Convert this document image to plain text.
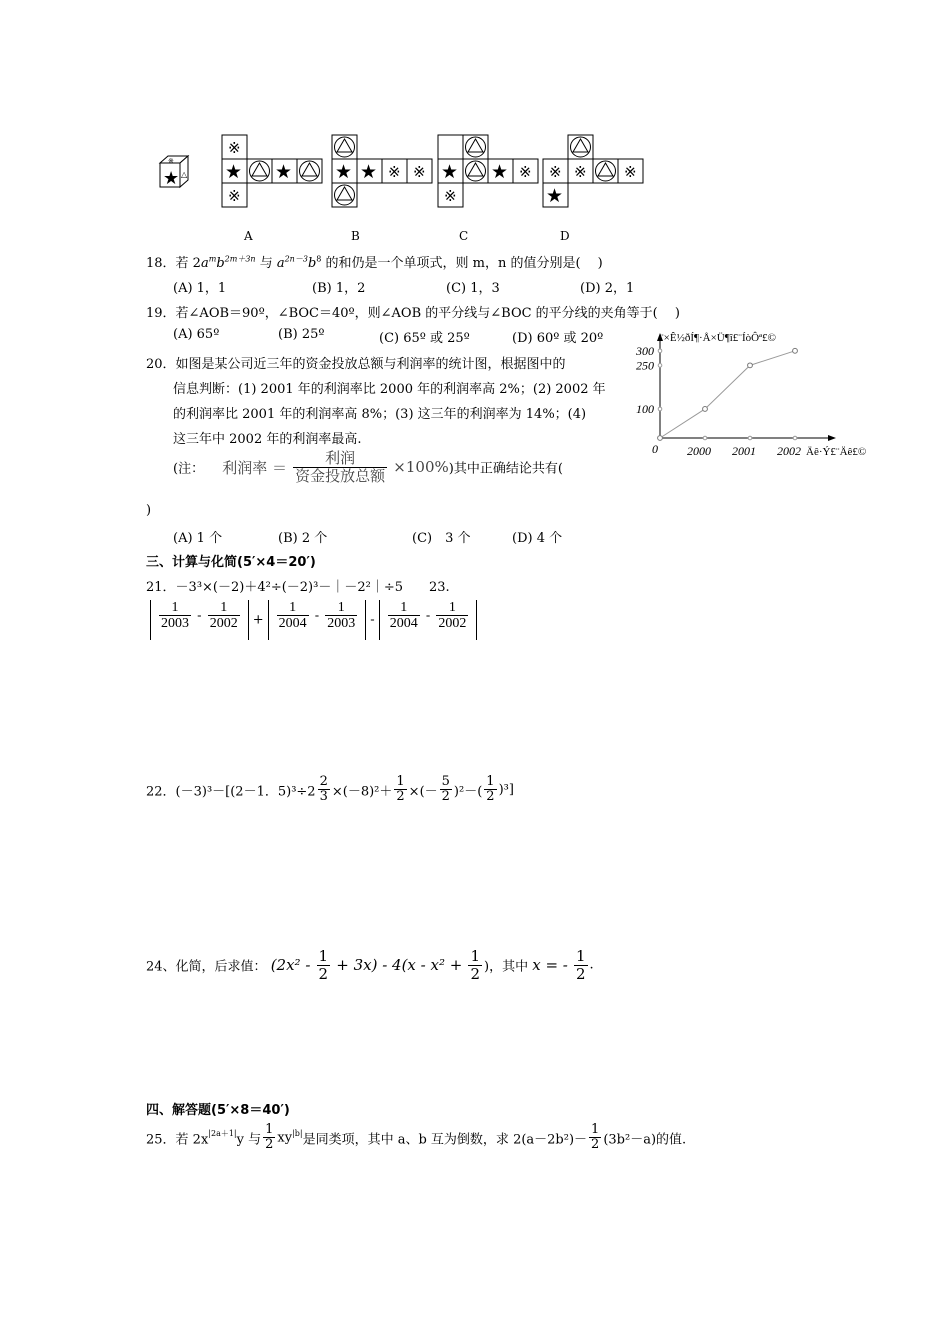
★
※
△
※
★ ★
※
★ ★ ※ ※ ★ ★ ※
※
※ ※ ※
★
A	B	C	D
18．若 $2a^mb^{2m+3n}$ 与 $a^{2n-3}b^8$ 的和仍是一个单项式，则 m，n 的值分别是(　 )
(A) 1，1	(B) 1，2	(C) 1，3	(D) 2，1
19．若∠AOB＝90º，∠BOC＝40º，则∠AOB 的平分线与∠BOC 的平分线的夹角等于(　 )
(A) 65º	(B) 25º	(C) 65º 或 25º	(D) 60º 或 20º
20．如图是某公司近三年的资金投放总额与利润率的统计图，根据图中的
信息判断：(1) 2001 年的利润率比 2000 年的利润率高 2%；(2) 2002 年
的利润率比 2001 年的利润率高 8%；(3) 这三年的利润率为 14%；(4)
这三年中 2002 年的利润率最高.
(注： 利润率 ＝ $\frac{\text{利润}}{\text{资金投放总额}} \times 100\%$)其中正确结论共有(
)
(A) 1 个	(B) 2 个	(C)　3 个	(D) 4 个
100
250
300
2000 2001 2002
0
¨×Ê½ðÍ¶·Å×Ü¶î£¨ÍòÔª£©
Äê·Ý£¨Äê£©
三、计算与化简(5′×4＝20′)
21．－3³×(－2)＋4²÷(－2)³－｜－2²｜÷5 23.
$\frac{1}{2003} - \frac{1}{2002} + \frac{1}{2004} - \frac{1}{2003} - \frac{1}{2004} - \frac{1}{2002}$
22．(－3)³－[(2－1．$5)^3\div 2 \frac{2}{3} \times(-8)^2+ \frac{1}{2}$ ×(－ $\frac{5}{2} )^2-( \frac{1}{2} )^3$]
24、化简，后求值： $(2x^2 - \frac{1}{2} + 3x) - 4(x - x^2 + \frac{1}{2}$ )，其中 x = - $\frac{1}{2}$ .
四、解答题(5′×8＝40′)
25．若 $2x^{|2a+1|}y$ 与 $\frac{1}{2} xy^{|b|}$是同类项，其中 a、b 互为倒数，求 $2(a-2b^2)- \frac{1}{2} (3b^2-a)$的值.
